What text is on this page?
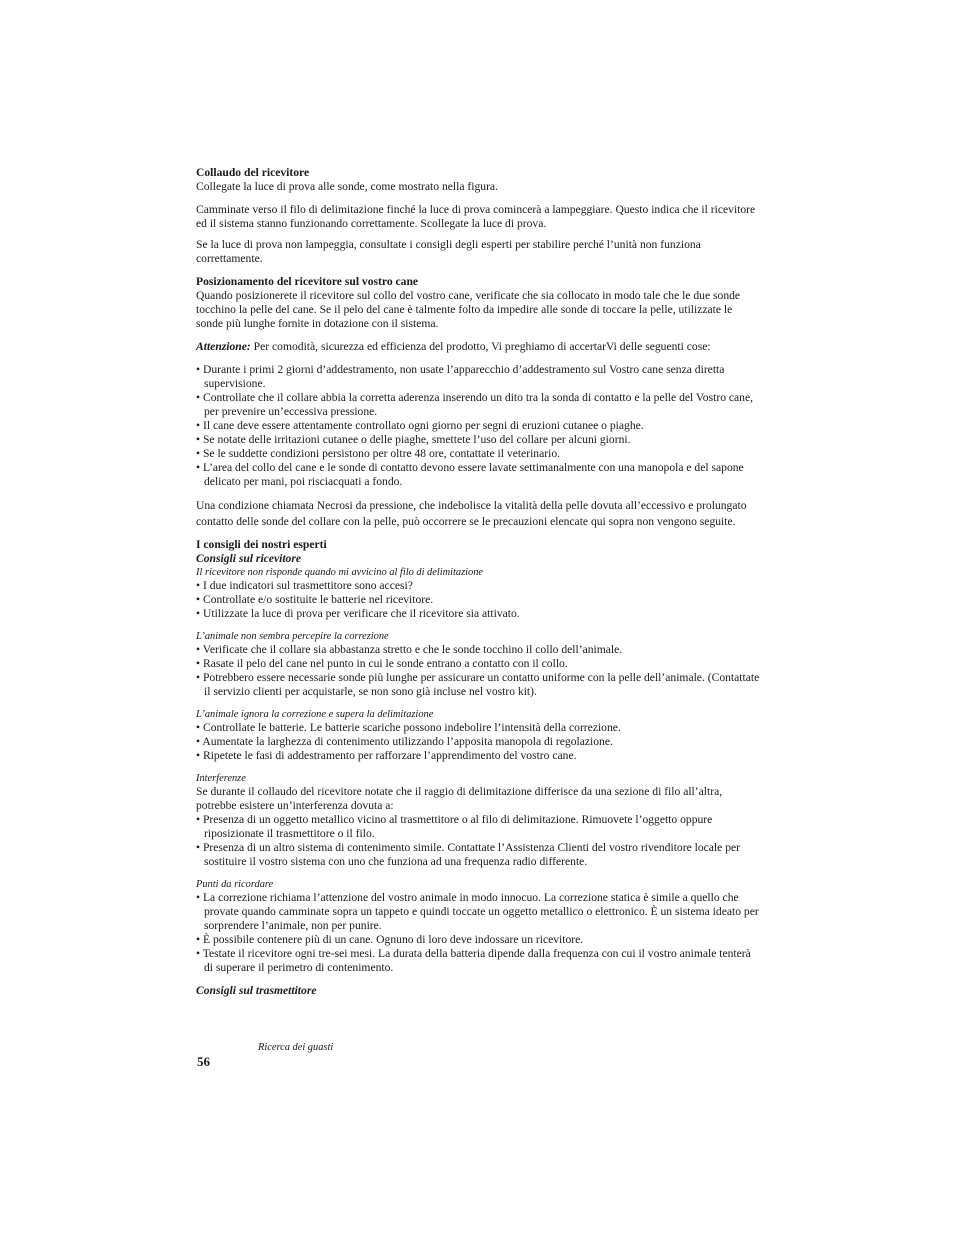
Collaudo del ricevitore

Collegate la luce di prova alle sonde, come mostrato nella figura.

Camminate verso il filo di delimitazione finché la luce di prova comincerà a lampeggiare. Questo indica che il ricevitore ed il sistema stanno funzionando correttamente. Scollegate la luce di prova.

Se la luce di prova non lampeggia, consultate i consigli degli esperti per stabilire perché l’unità non funziona correttamente.

Posizionamento del ricevitore sul vostro cane

Quando posizionerete il ricevitore sul collo del vostro cane, verificate che sia collocato in modo tale che le due sonde tocchino la pelle del cane. Se il pelo del cane è talmente folto da impedire alle sonde di toccare la pelle, utilizzate le sonde più lunghe fornite in dotazione con il sistema.

Attenzione: Per comodità, sicurezza ed efficienza del prodotto, Vi preghiamo di accertarVi delle seguenti cose:

• Durante i primi 2 giorni d’addestramento, non usate l’apparecchio d’addestramento sul Vostro cane senza diretta supervisione.
• Controllate che il collare abbia la corretta aderenza inserendo un dito tra la sonda di contatto e la pelle del Vostro cane, per prevenire un’eccessiva pressione.
• Il cane deve essere attentamente controllato ogni giorno per segni di eruzioni cutanee o piaghe.
• Se notate delle irritazioni cutanee o delle piaghe, smettete l’uso del collare per alcuni giorni.
• Se le suddette condizioni persistono per oltre 48 ore, contattate il veterinario.
• L’area del collo del cane e le sonde di contatto devono essere lavate settimanalmente con una manopola e del sapone delicato per mani, poi risciacquati a fondo.

Una condizione chiamata Necrosi da pressione, che indebolisce la vitalità della pelle dovuta all’eccessivo e prolungato contatto delle sonde del collare con la pelle, può occorrere se le precauzioni elencate qui sopra non vengono seguite.

I consigli dei nostri esperti

Consigli sul ricevitore

Il ricevitore non risponde quando mi avvicino al filo di delimitazione

• I due indicatori sul trasmettitore sono accesi?
• Controllate e/o sostituite le batterie nel ricevitore.
• Utilizzate la luce di prova per verificare che il ricevitore sia attivato.

L’animale non sembra percepire la correzione

• Verificate che il collare sia abbastanza stretto e che le sonde tocchino il collo dell’animale.
• Rasate il pelo del cane nel punto in cui le sonde entrano a contatto con il collo.
• Potrebbero essere necessarie sonde più lunghe per assicurare un contatto uniforme con la pelle dell’animale. (Contattate il servizio clienti per acquistarle, se non sono già incluse nel vostro kit).

L’animale ignora la correzione e supera la delimitazione

• Controllate le batterie. Le batterie scariche possono indebolire l’intensità della correzione.
• Aumentate la larghezza di contenimento utilizzando l’apposita manopola di regolazione.
• Ripetete le fasi di addestramento per rafforzare l’apprendimento del vostro cane.

Interferenze

Se durante il collaudo del ricevitore notate che il raggio di delimitazione differisce da una sezione di filo all’altra, potrebbe esistere un’interferenza dovuta a:

• Presenza di un oggetto metallico vicino al trasmettitore o al filo di delimitazione. Rimuovete l’oggetto oppure riposizionate il trasmettitore o il filo.
• Presenza di un altro sistema di contenimento simile. Contattate l’Assistenza Clienti del vostro rivenditore locale per sostituire il vostro sistema con uno che funziona ad una frequenza radio differente.

Punti da ricordare

• La correzione richiama l’attenzione del vostro animale in modo innocuo. La correzione statica è simile a quello che provate quando camminate sopra un tappeto e quindi toccate un oggetto metallico o elettronico. È un sistema ideato per sorprendere l’animale, non per punire.
• È possibile contenere più di un cane. Ognuno di loro deve indossare un ricevitore.
• Testate il ricevitore ogni tre-sei mesi. La durata della batteria dipende dalla frequenza con cui il vostro animale tenterà di superare il perimetro di contenimento.

Consigli sul trasmettitore

Ricerca dei guasti
56
